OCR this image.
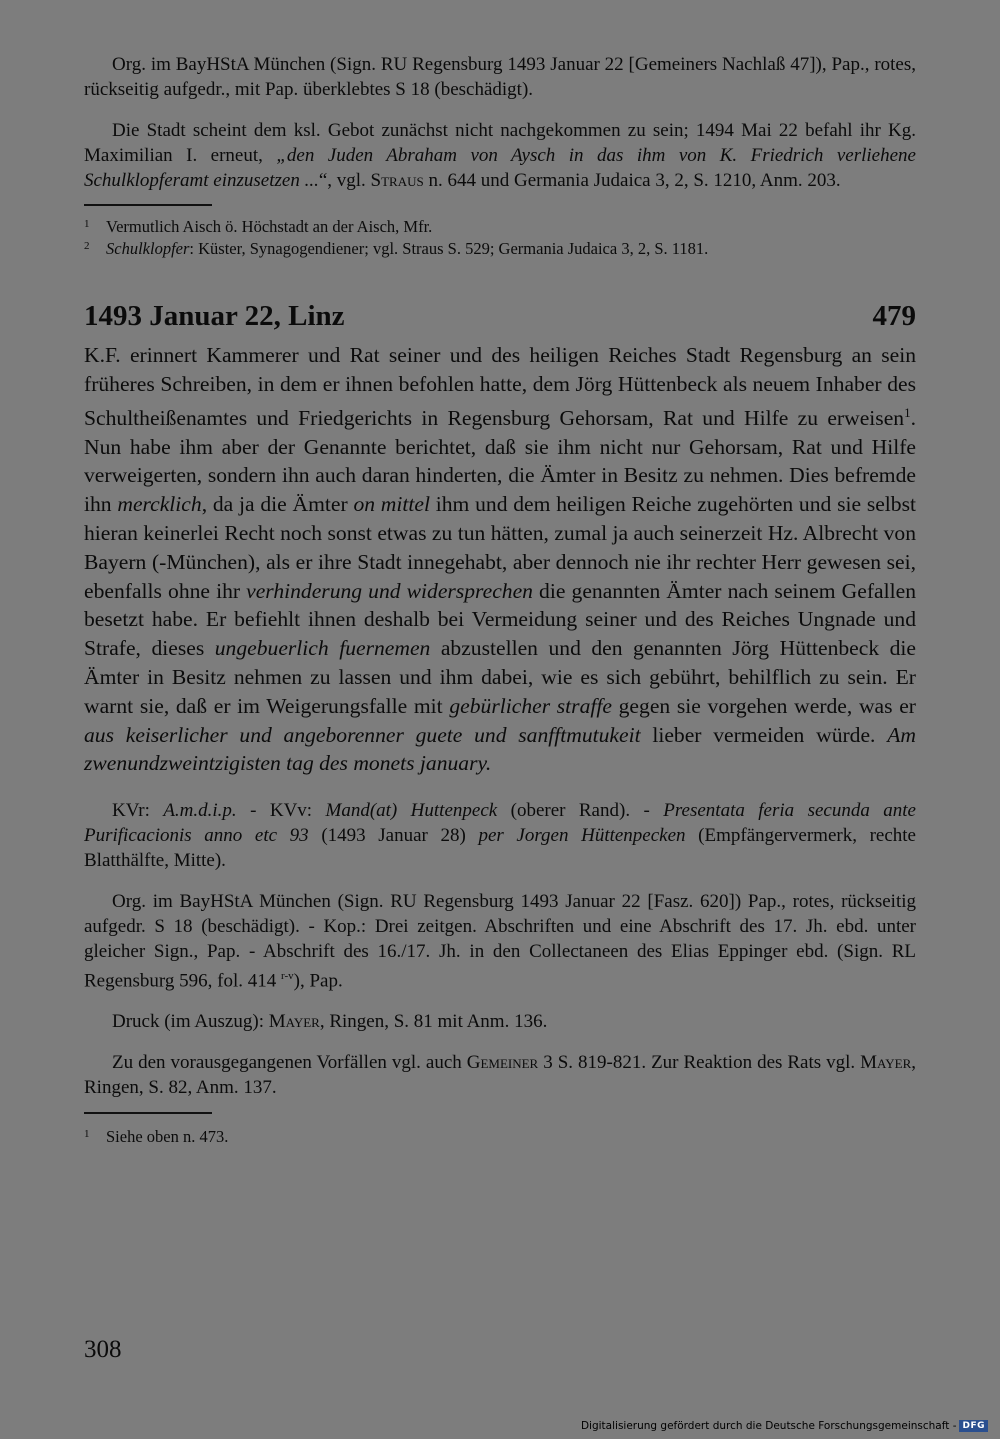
Org. im BayHStA München (Sign. RU Regensburg 1493 Januar 22 [Gemeiners Nachlaß 47]), Pap., rotes, rückseitig aufgedr., mit Pap. überklebtes S 18 (beschädigt).

Die Stadt scheint dem ksl. Gebot zunächst nicht nachgekommen zu sein; 1494 Mai 22 befahl ihr Kg. Maximilian I. erneut, „den Juden Abraham von Aysch in das ihm von K. Friedrich verliehene Schulklopferamt einzusetzen ...“, vgl. Straus n. 644 und Germania Judaica 3, 2, S. 1210, Anm. 203.

1 Vermutlich Aisch ö. Höchstadt an der Aisch, Mfr.

2 Schulklopfer: Küster, Synagogendiener; vgl. Straus S. 529; Germania Judaica 3, 2, S. 1181.

1493 Januar 22, Linz	479

K.F. erinnert Kammerer und Rat seiner und des heiligen Reiches Stadt Regensburg an sein früheres Schreiben, in dem er ihnen befohlen hatte, dem Jörg Hüttenbeck als neuem Inhaber des Schultheißenamtes und Friedgerichts in Regensburg Gehorsam, Rat und Hilfe zu erweisen$^1$. Nun habe ihm aber der Genannte berichtet, daß sie ihm nicht nur Gehorsam, Rat und Hilfe verweigerten, sondern ihn auch daran hinderten, die Ämter in Besitz zu nehmen. Dies befremde ihn mercklich, da ja die Ämter on mittel ihm und dem heiligen Reiche zugehörten und sie selbst hieran keinerlei Recht noch sonst etwas zu tun hätten, zumal ja auch seinerzeit Hz. Albrecht von Bayern (-München), als er ihre Stadt innegehabt, aber dennoch nie ihr rechter Herr gewesen sei, ebenfalls ohne ihr verhinderung und widersprechen die genannten Ämter nach seinem Gefallen besetzt habe. Er befiehlt ihnen deshalb bei Vermeidung seiner und des Reiches Ungnade und Strafe, dieses ungebuerlich fuernemen abzustellen und den genannten Jörg Hüttenbeck die Ämter in Besitz nehmen zu lassen und ihm dabei, wie es sich gebührt, behilflich zu sein. Er warnt sie, daß er im Weigerungsfalle mit gebürlicher straffe gegen sie vorgehen werde, was er aus keiserlicher und angeborenner guete und sanfftmutukeit lieber vermeiden würde. Am zwenundzweintzigisten tag des monets january.

KVr: A.m.d.i.p. - KVv: Mand(at) Huttenpeck (oberer Rand). - Presentata feria secunda ante Purificacionis anno etc 93 (1493 Januar 28) per Jorgen Hüttenpecken (Empfängervermerk, rechte Blatthälfte, Mitte).

Org. im BayHStA München (Sign. RU Regensburg 1493 Januar 22 [Fasz. 620]) Pap., rotes, rückseitig aufgedr. S 18 (beschädigt). - Kop.: Drei zeitgen. Abschriften und eine Abschrift des 17. Jh. ebd. unter gleicher Sign., Pap. - Abschrift des 16./17. Jh. in den Collectaneen des Elias Eppinger ebd. (Sign. RL Regensburg 596, fol. 414 $^{r-v}$), Pap.

Druck (im Auszug): Mayer, Ringen, S. 81 mit Anm. 136.

Zu den vorausgegangenen Vorfällen vgl. auch Gemeiner 3 S. 819-821. Zur Reaktion des Rats vgl. Mayer, Ringen, S. 82, Anm. 137.

1 Siehe oben n. 473.

308
Digitalisierung gefördert durch die Deutsche Forschungsgemeinschaft - DFG
